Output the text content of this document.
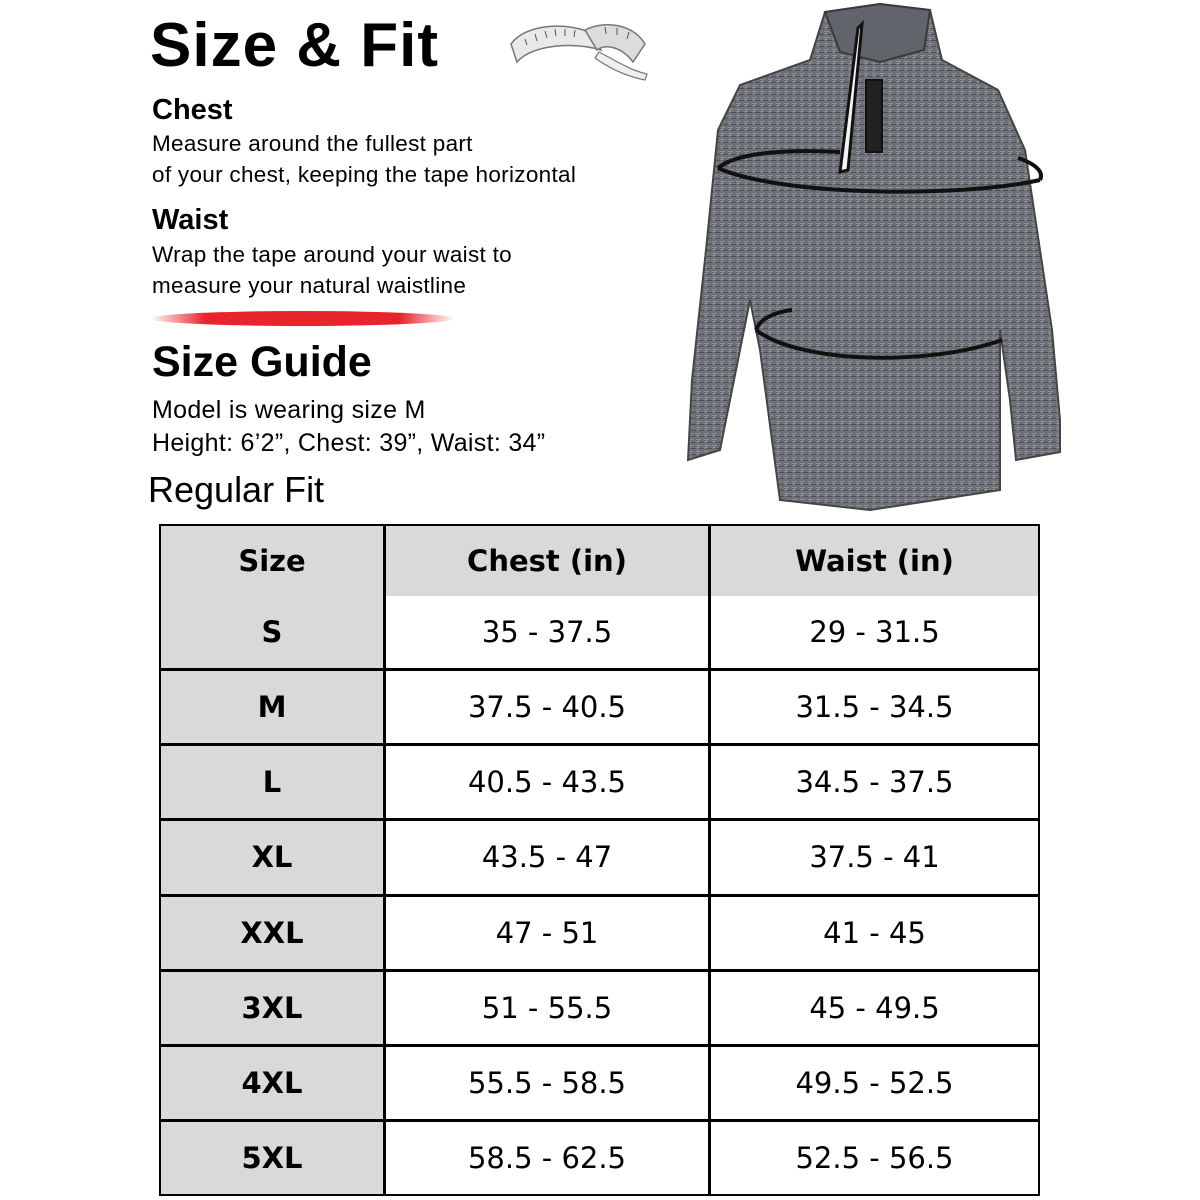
Size & Fit
Chest
Measure around the fullest part
of your chest, keeping the tape horizontal
Waist
Wrap the tape around your waist to
measure your natural waistline
Size Guide
Model is wearing size M
Height: 6’2”, Chest: 39”, Waist: 34”
Regular Fit
Size	Chest (in)	Waist (in)
S	35 - 37.5	29 - 31.5
M	37.5 - 40.5	31.5 - 34.5
L	40.5 - 43.5	34.5 - 37.5
XL	43.5 - 47	37.5 - 41
XXL	47 - 51	41 - 45
3XL	51 - 55.5	45 - 49.5
4XL	55.5 - 58.5	49.5 - 52.5
5XL	58.5 - 62.5	52.5 - 56.5
